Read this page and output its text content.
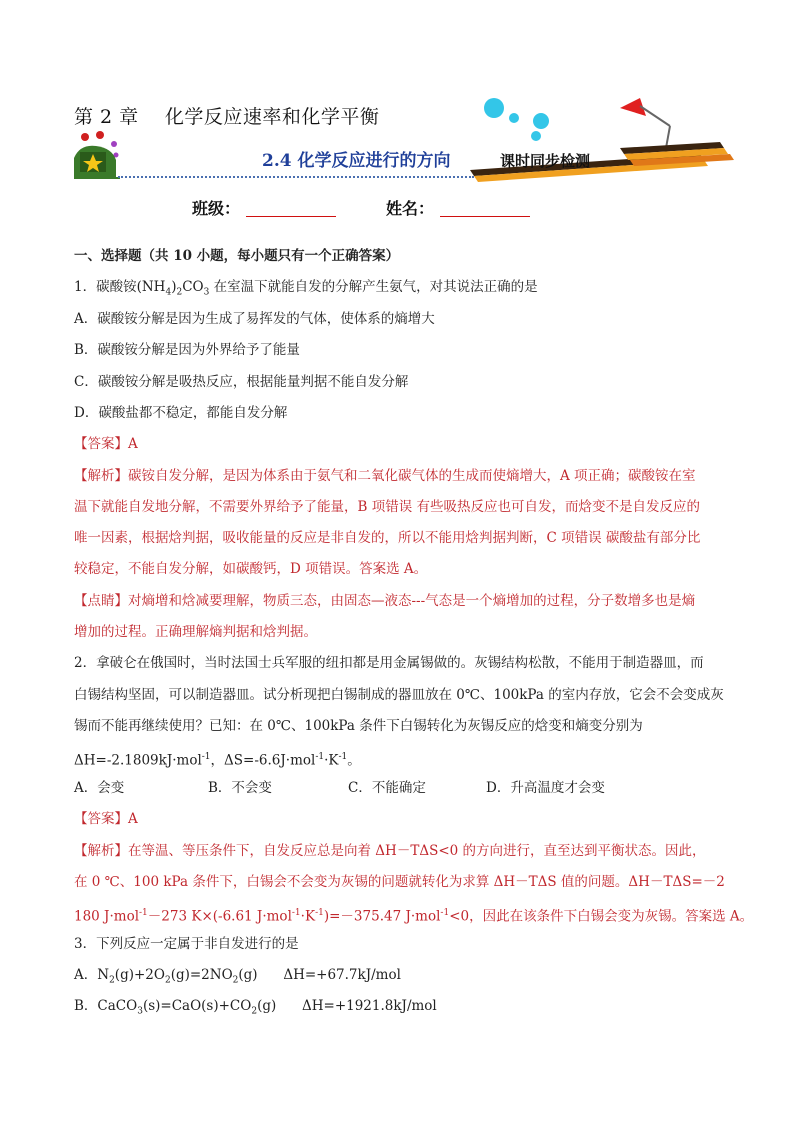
第 2 章    化学反应速率和化学平衡
2.4 化学反应进行的方向	课时同步检测
班级：	姓名：
一、选择题（共 10 小题，每小题只有一个正确答案）
1．碳酸铵$(NH_4)_2CO_3$ 在室温下就能自发的分解产生氨气，对其说法正确的是
A．碳酸铵分解是因为生成了易挥发的气体，使体系的熵增大
B．碳酸铵分解是因为外界给予了能量
C．碳酸铵分解是吸热反应，根据能量判据不能自发分解
D．碳酸盐都不稳定，都能自发分解
【答案】A
【解析】碳铵自发分解，是因为体系由于氨气和二氧化碳气体的生成而使熵增大，A 项正确；碳酸铵在室
温下就能自发地分解，不需要外界给予了能量，B 项错误 有些吸热反应也可自发，而焓变不是自发反应的
唯一因素，根据焓判据，吸收能量的反应是非自发的，所以不能用焓判据判断，C 项错误 碳酸盐有部分比
较稳定，不能自发分解，如碳酸钙，D 项错误。答案选 A。
【点睛】对熵增和焓减要理解，物质三态，由固态—液态---气态是一个熵增加的过程，分子数增多也是熵
增加的过程。正确理解熵判据和焓判据。
2．拿破仑在俄国时，当时法国士兵军服的纽扣都是用金属锡做的。灰锡结构松散，不能用于制造器皿，而
白锡结构坚固，可以制造器皿。试分析现把白锡制成的器皿放在 0℃、100kPa 的室内存放，它会不会变成灰
锡而不能再继续使用？已知：在 0℃、100kPa 条件下白锡转化为灰锡反应的焓变和熵变分别为
ΔH=-2.1809kJ·mol$^{-1}$，$\Delta S=-6.6J\cdot mol^{-1}\cdot K^{-1}$。
A．会变	B．不会变	C．不能确定	D．升高温度才会变
【答案】A
【解析】在等温、等压条件下，自发反应总是向着 ΔH－TΔS<0 的方向进行，直至达到平衡状态。因此，
在 0 ℃、100 kPa 条件下，白锡会不会变为灰锡的问题就转化为求算 ΔH－TΔS 值的问题。ΔH－TΔS=－2
180 J·mol$^{-1}$－273 K×(-6.61 $J\cdot mol^{-1}\cdot K^{-1})=-375.47$ J·mol$^{-1}$<0，因此在该条件下白锡会变为灰锡。答案选 A。
3．下列反应一定属于非自发进行的是
A．$N_2(g)+2O_2(g)=2NO_2(g)$      ΔH=+67.7kJ/mol
B．$CaCO_3(s)=CaO(s)+CO_2(g)$      ΔH=+1921.8kJ/mol
